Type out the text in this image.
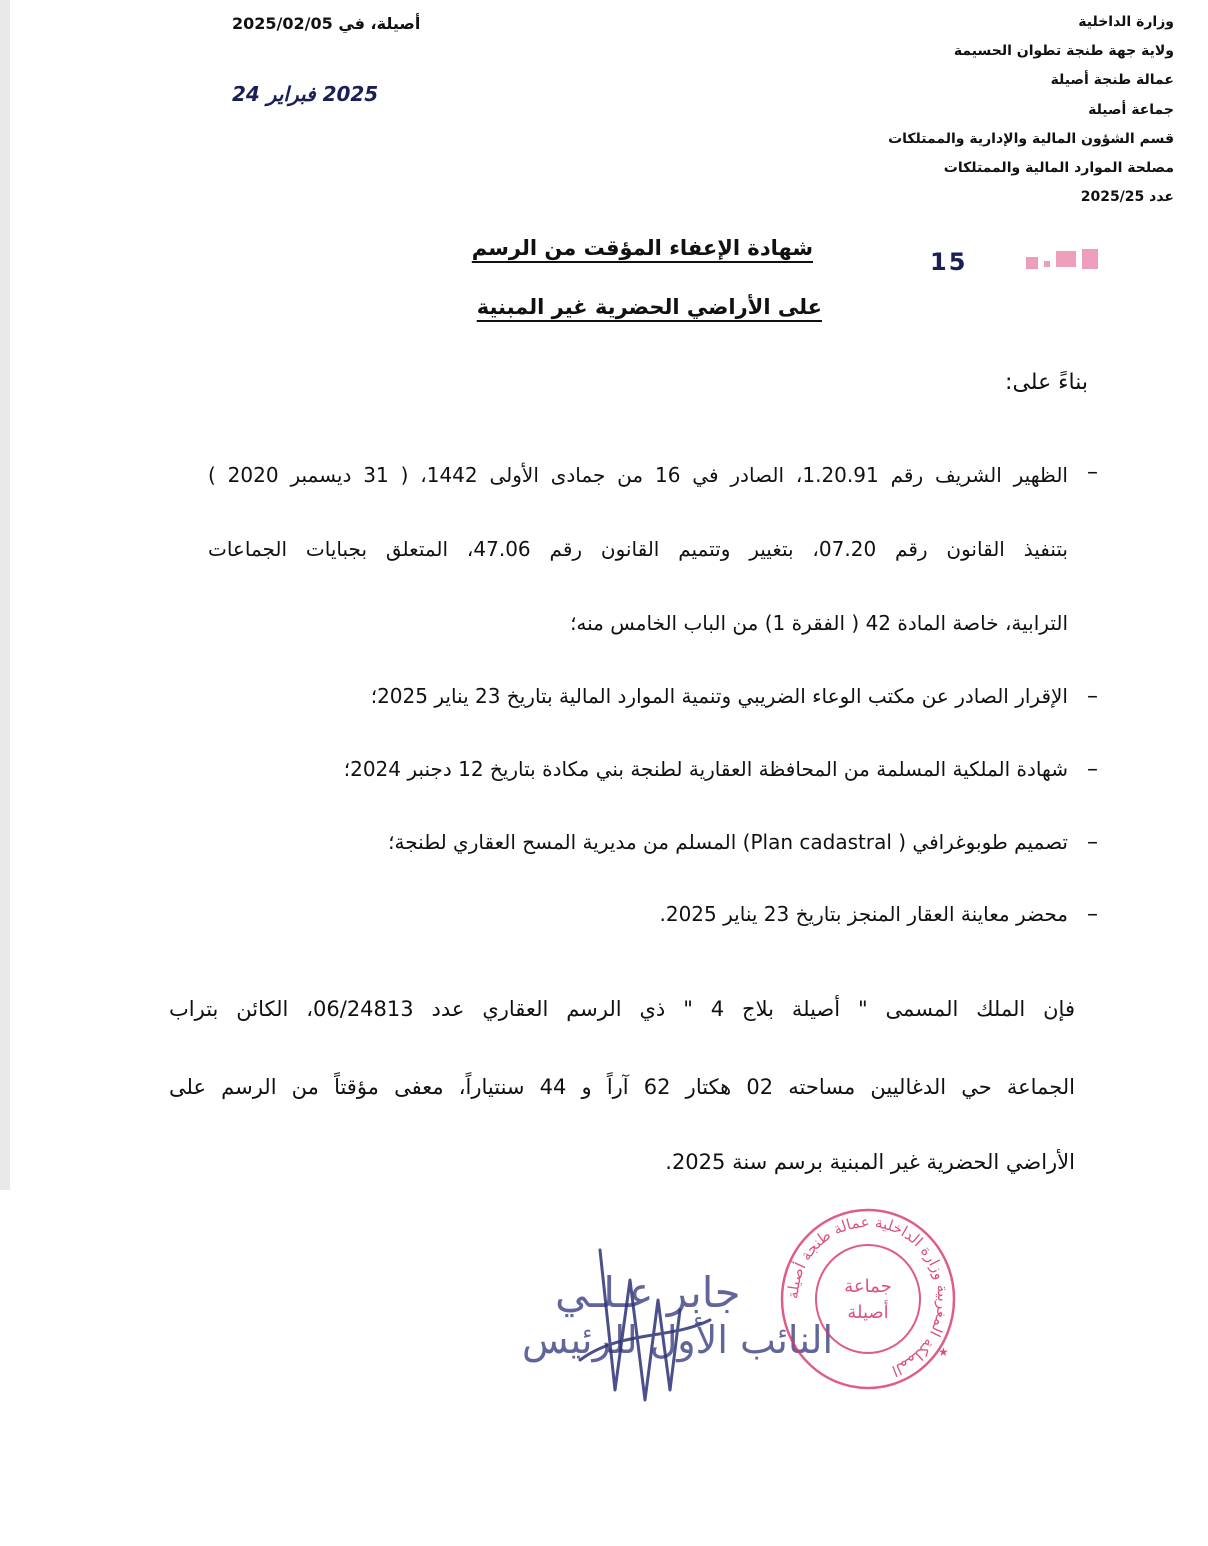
وزارة الداخلية
ولاية جهة طنجة تطوان الحسيمة
عمالة طنجة أصيلة
جماعة أصيلة
قسم الشؤون المالية والإدارية والممتلكات
مصلحة الموارد المالية والممتلكات
عدد 2025/25
أصيلة، في 2025/02/05
2025 فبراير 24
شهادة الإعفاء المؤقت من الرسم
على الأراضي الحضرية غير المبنية
15
بناءً على:
–
الظهير الشريف رقم 1.20.91، الصادر في 16 من جمادى الأولى 1442، ( 31 ديسمبر 2020 )
بتنفيذ القانون رقم 07.20، بتغيير وتتميم القانون رقم 47.06، المتعلق بجبايات الجماعات
الترابية، خاصة المادة 42 ( الفقرة 1) من الباب الخامس منه؛
–
الإقرار الصادر عن مكتب الوعاء الضريبي وتنمية الموارد المالية بتاريخ 23 يناير 2025؛
–
شهادة الملكية المسلمة من المحافظة العقارية لطنجة بني مكادة بتاريخ 12 دجنبر 2024؛
–
تصميم طوبوغرافي ( Plan cadastral) المسلم من مديرية المسح العقاري لطنجة؛
–
محضر معاينة العقار المنجز بتاريخ 23 يناير 2025.
فإن الملك المسمى " أصيلة بلاج 4 " ذي الرسم العقاري عدد 06/24813، الكائن بتراب
الجماعة حي الدغاليين مساحته 02 هكتار 62 آراً و 44 سنتياراً، معفى مؤقتاً من الرسم على
الأراضي الحضرية غير المبنية برسم سنة 2025.
جابر عـلـي
النائب الأول للرئيس
المملكة المغربية وزارة الداخلية عمالة طنجة أصيلة
جماعة
أصيلة
★
